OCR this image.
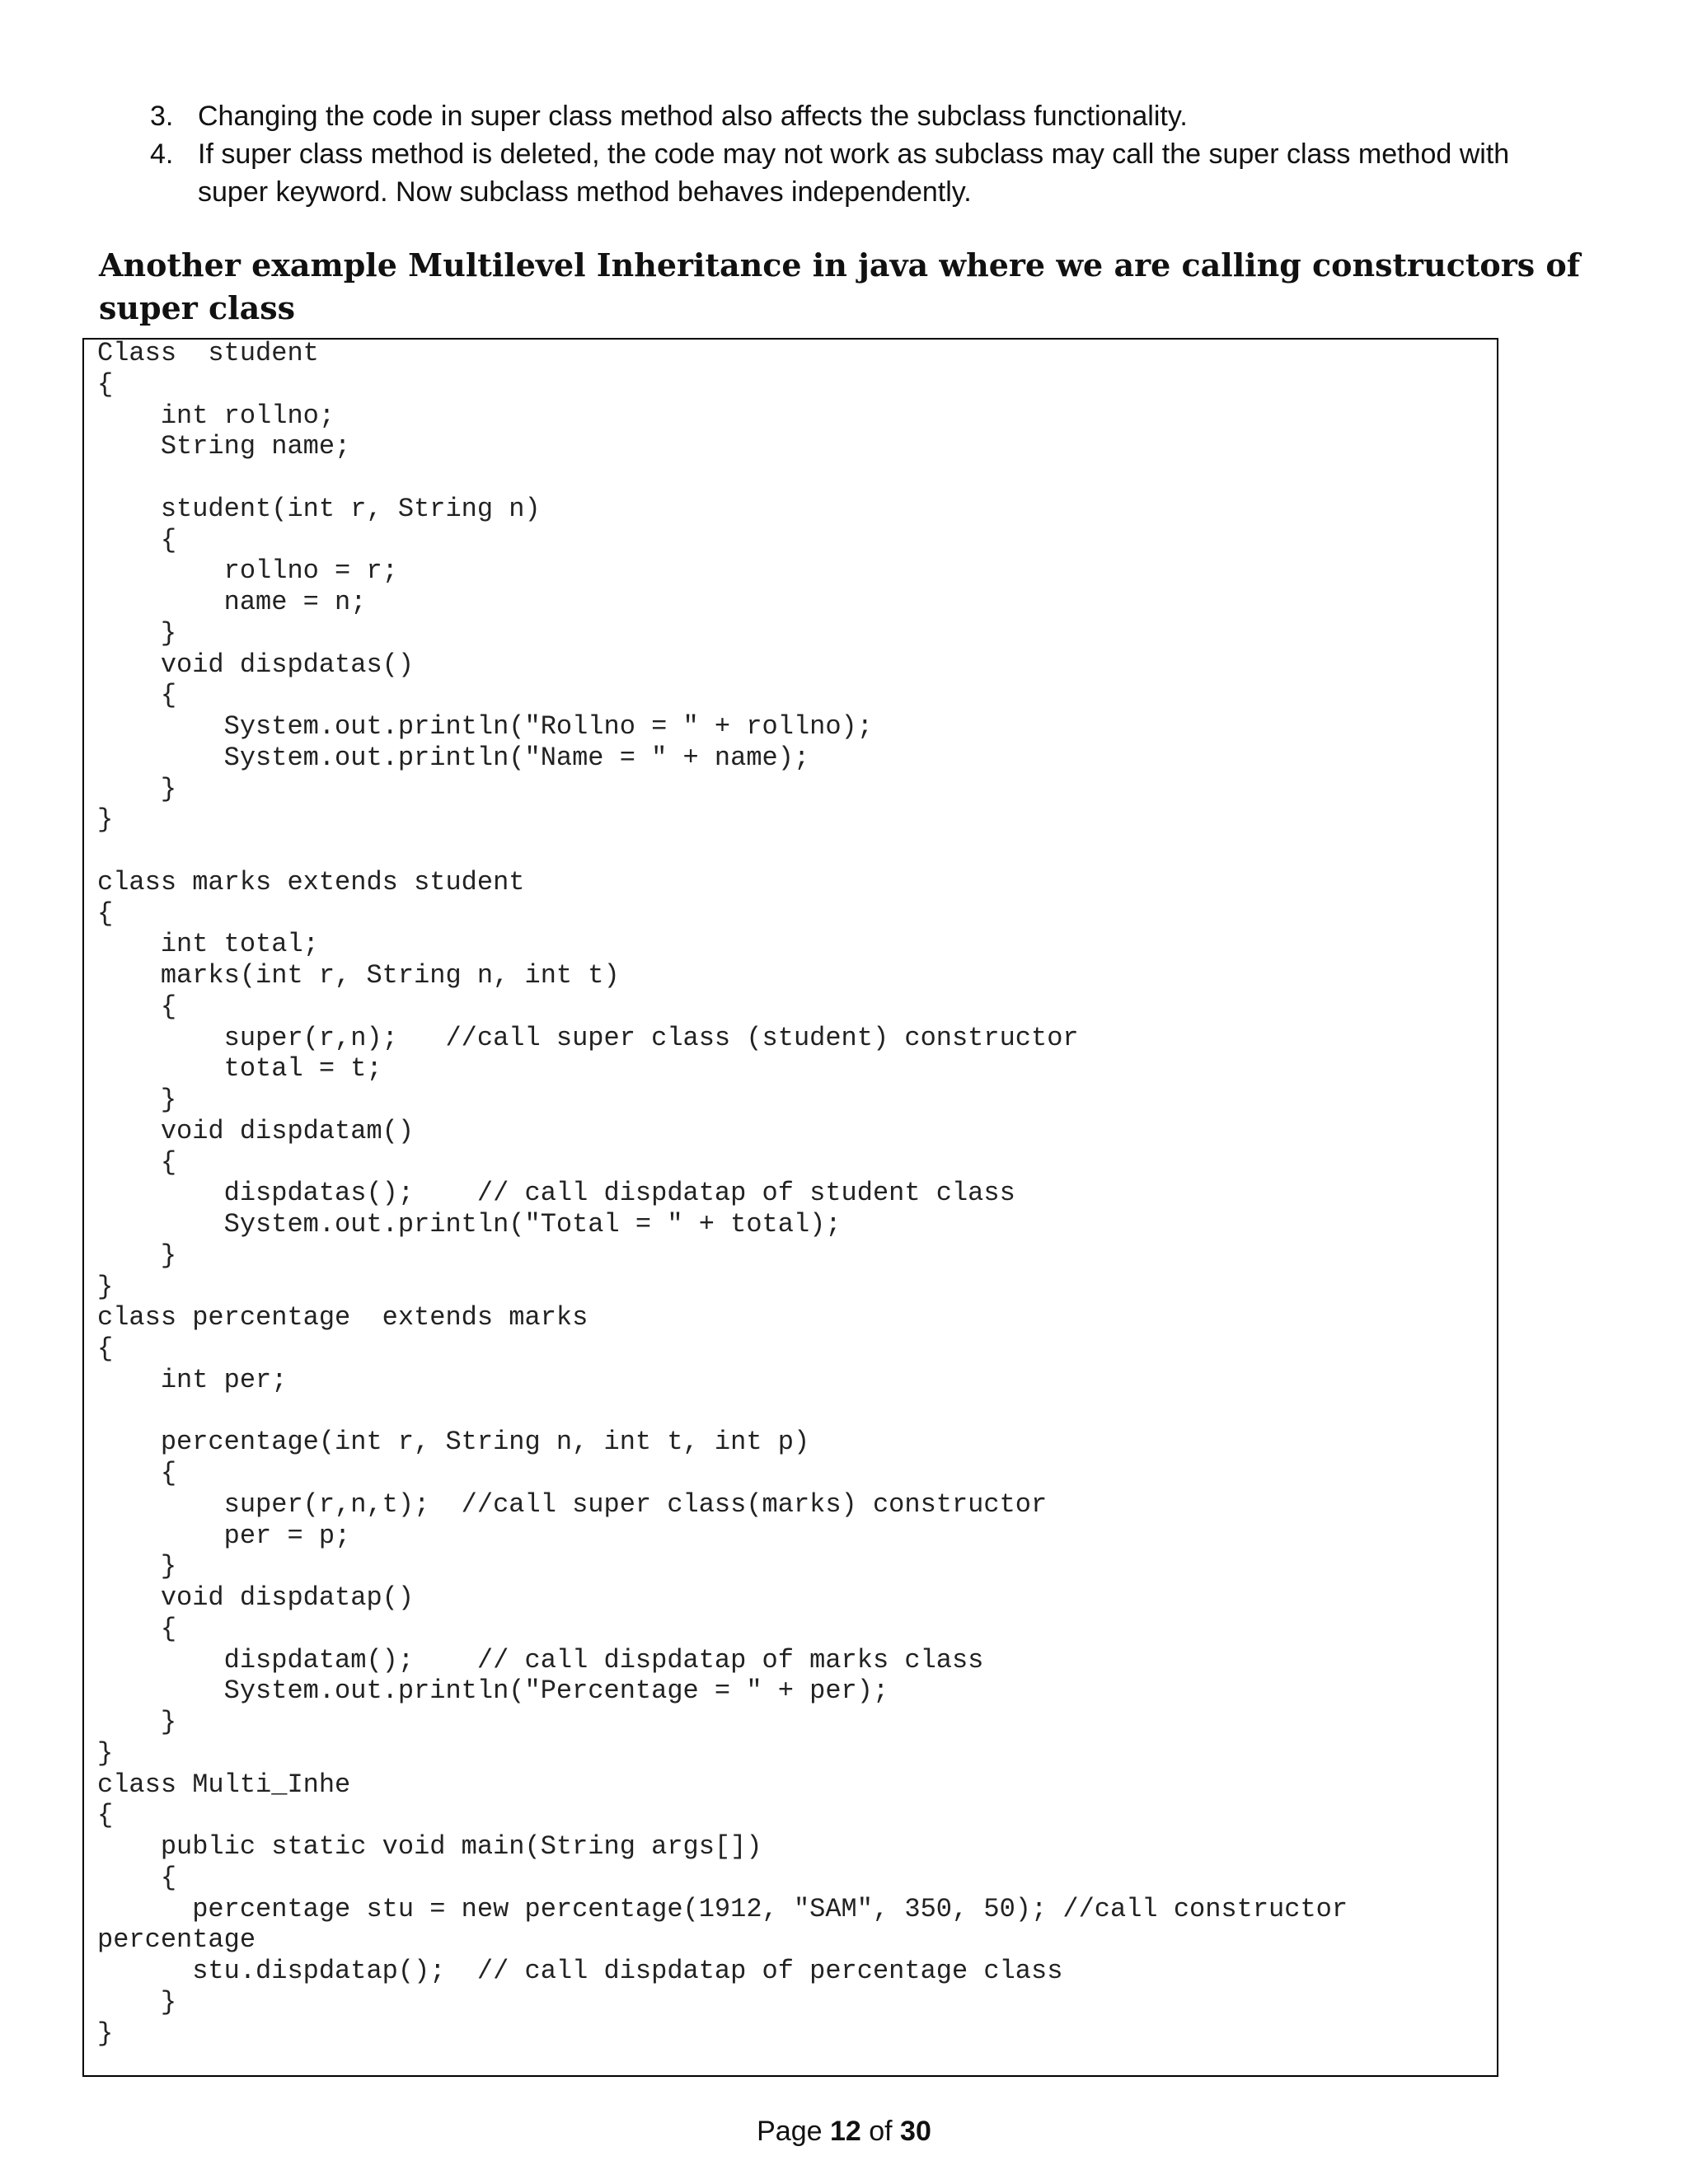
3. Changing the code in super class method also affects the subclass functionality.
4. If super class method is deleted, the code may not work as subclass may call the super class method with super keyword. Now subclass method behaves independently.
Another example Multilevel Inheritance in java where we are calling constructors of super class
Class  student
{
int rollno;
String name;
student(int r, String n)
{
rollno = r;
name = n;
}
void dispdatas()
{
System.out.println("Rollno = " + rollno);
System.out.println("Name = " + name);
}
}
class marks extends student
{
int total;
marks(int r, String n, int t)
{
super(r,n);   //call super class (student) constructor
total = t;
}
void dispdatam()
{
dispdatas();    // call dispdatap of student class
System.out.println("Total = " + total);
}
}
class percentage  extends marks
{
int per;
percentage(int r, String n, int t, int p)
{
super(r,n,t);  //call super class(marks) constructor
per = p;
}
void dispdatap()
{
dispdatam();    // call dispdatap of marks class
System.out.println("Percentage = " + per);
}
}
class Multi_Inhe
{
public static void main(String args[])
{
percentage stu = new percentage(1912, "SAM", 350, 50); //call constructor
percentage
stu.dispdatap();  // call dispdatap of percentage class
}
}
Page 12 of 30
